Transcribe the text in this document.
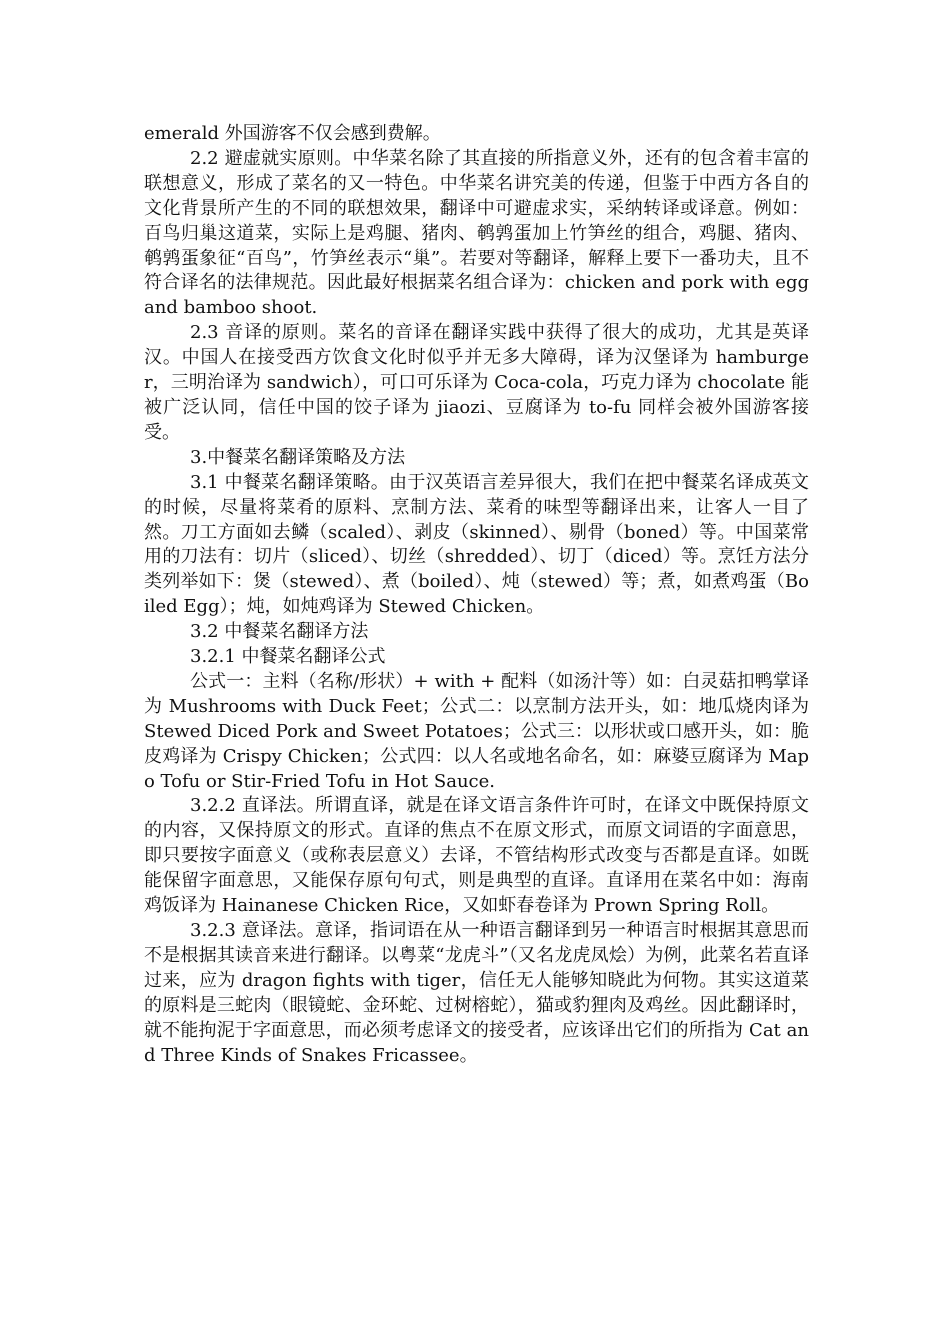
emerald 外国游客不仅会感到费解。

2.2 避虚就实原则。中华菜名除了其直接的所指意义外，还有的包含着丰富的联想意义，形成了菜名的又一特色。中华菜名讲究美的传递，但鉴于中西方各自的文化背景所产生的不同的联想效果，翻译中可避虚求实，采纳转译或译意。例如：百鸟归巢这道菜，实际上是鸡腿、猪肉、鹌鹑蛋加上竹笋丝的组合，鸡腿、猪肉、鹌鹑蛋象征“百鸟”，竹笋丝表示“巢”。若要对等翻译，解释上要下一番功夫，且不符合译名的法律规范。因此最好根据菜名组合译为：chicken and pork with egg and bamboo shoot.

2.3 音译的原则。菜名的音译在翻译实践中获得了很大的成功，尤其是英译汉。中国人在接受西方饮食文化时似乎并无多大障碍，译为汉堡译为 hamburger，三明治译为 sandwich），可口可乐译为 Coca-cola，巧克力译为 chocolate 能被广泛认同，信任中国的饺子译为 jiaozi、豆腐译为 to-fu 同样会被外国游客接受。

3.中餐菜名翻译策略及方法

3.1 中餐菜名翻译策略。由于汉英语言差异很大，我们在把中餐菜名译成英文的时候，尽量将菜肴的原料、烹制方法、菜肴的味型等翻译出来，让客人一目了然。刀工方面如去鳞（scaled）、剥皮（skinned）、剔骨（boned）等。中国菜常用的刀法有：切片（sliced）、切丝（shredded）、切丁（diced）等。烹饪方法分类列举如下：煲（stewed）、煮（boiled）、炖（stewed）等；煮，如煮鸡蛋（Boiled Egg）；炖，如炖鸡译为 Stewed Chicken。

3.2 中餐菜名翻译方法

3.2.1 中餐菜名翻译公式

公式一：主料（名称/形状）+ with + 配料（如汤汁等）如：白灵菇扣鸭掌译为 Mushrooms with Duck Feet；公式二：以烹制方法开头，如：地瓜烧肉译为 Stewed Diced Pork and Sweet Potatoes；公式三：以形状或口感开头，如：脆皮鸡译为 Crispy Chicken；公式四：以人名或地名命名，如：麻婆豆腐译为 Mapo Tofu or Stir-Fried Tofu in Hot Sauce.

3.2.2 直译法。所谓直译，就是在译文语言条件许可时，在译文中既保持原文的内容，又保持原文的形式。直译的焦点不在原文形式，而原文词语的字面意思，即只要按字面意义（或称表层意义）去译，不管结构形式改变与否都是直译。如既能保留字面意思，又能保存原句句式，则是典型的直译。直译用在菜名中如：海南鸡饭译为 Hainanese Chicken Rice，又如虾春卷译为 Prown Spring Roll。

3.2.3 意译法。意译，指词语在从一种语言翻译到另一种语言时根据其意思而不是根据其读音来进行翻译。以粤菜“龙虎斗”（又名龙虎凤烩）为例，此菜名若直译过来，应为 dragon fights with tiger，信任无人能够知晓此为何物。其实这道菜的原料是三蛇肉（眼镜蛇、金环蛇、过树榕蛇），猫或豹狸肉及鸡丝。因此翻译时，就不能拘泥于字面意思，而必须考虑译文的接受者，应该译出它们的所指为 Cat and Three Kinds of Snakes Fricassee。
